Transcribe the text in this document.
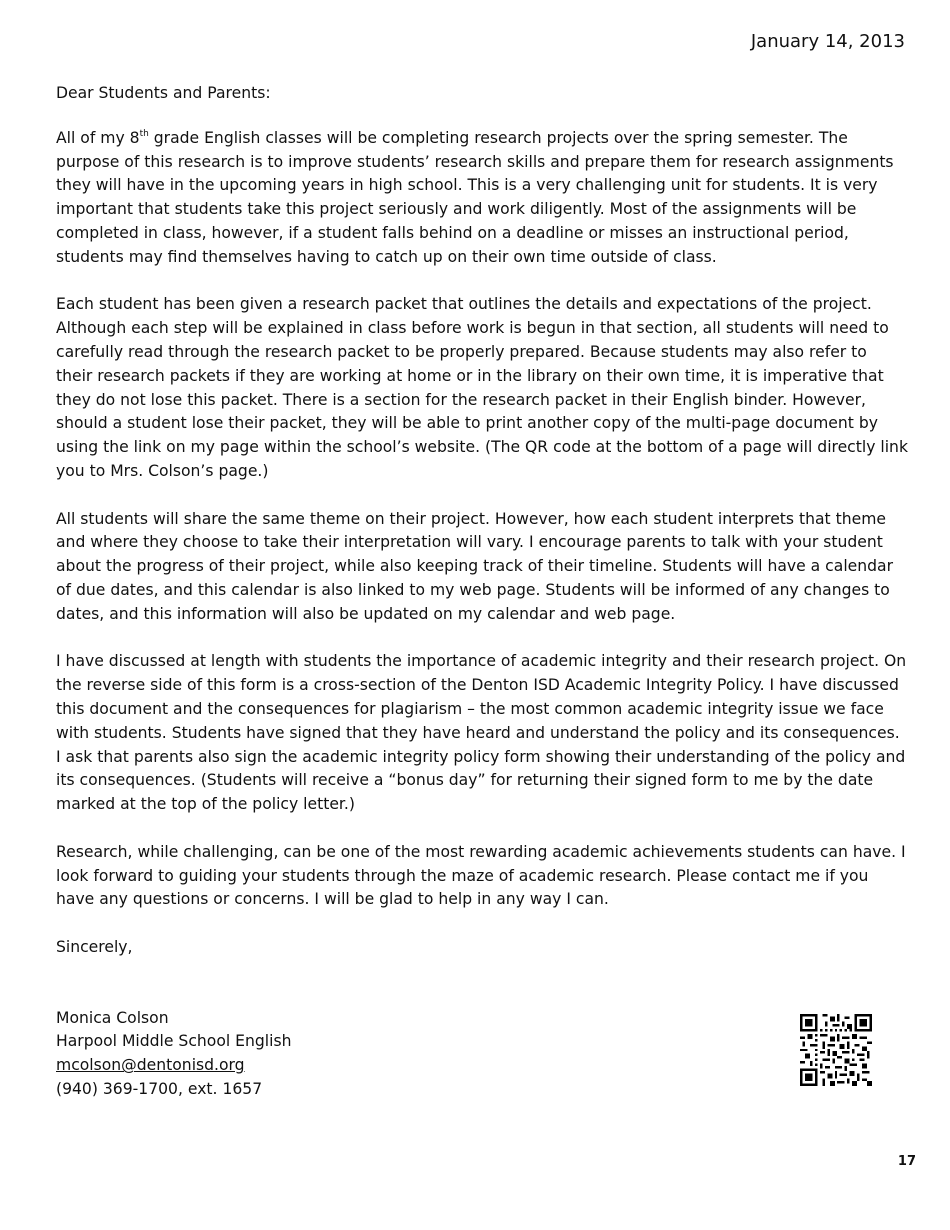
January 14, 2013

Dear Students and Parents:

All of my 8th grade English classes will be completing research projects over the spring semester. The purpose of this research is to improve students’ research skills and prepare them for research assignments they will have in the upcoming years in high school. This is a very challenging unit for students. It is very important that students take this project seriously and work diligently. Most of the assignments will be completed in class, however, if a student falls behind on a deadline or misses an instructional period, students may find themselves having to catch up on their own time outside of class.

Each student has been given a research packet that outlines the details and expectations of the project. Although each step will be explained in class before work is begun in that section, all students will need to carefully read through the research packet to be properly prepared. Because students may also refer to their research packets if they are working at home or in the library on their own time, it is imperative that they do not lose this packet. There is a section for the research packet in their English binder. However, should a student lose their packet, they will be able to print another copy of the multi-page document by using the link on my page within the school’s website. (The QR code at the bottom of a page will directly link you to Mrs. Colson’s page.)

All students will share the same theme on their project. However, how each student interprets that theme and where they choose to take their interpretation will vary. I encourage parents to talk with your student about the progress of their project, while also keeping track of their timeline. Students will have a calendar of due dates, and this calendar is also linked to my web page. Students will be informed of any changes to dates, and this information will also be updated on my calendar and web page.

I have discussed at length with students the importance of academic integrity and their research project. On the reverse side of this form is a cross-section of the Denton ISD Academic Integrity Policy. I have discussed this document and the consequences for plagiarism – the most common academic integrity issue we face with students. Students have signed that they have heard and understand the policy and its consequences. I ask that parents also sign the academic integrity policy form showing their understanding of the policy and its consequences. (Students will receive a “bonus day” for returning their signed form to me by the date marked at the top of the policy letter.)

Research, while challenging, can be one of the most rewarding academic achievements students can have. I look forward to guiding your students through the maze of academic research. Please contact me if you have any questions or concerns. I will be glad to help in any way I can.

Sincerely,

Monica Colson
Harpool Middle School English
mcolson@dentonisd.org
(940) 369-1700, ext. 1657
17
